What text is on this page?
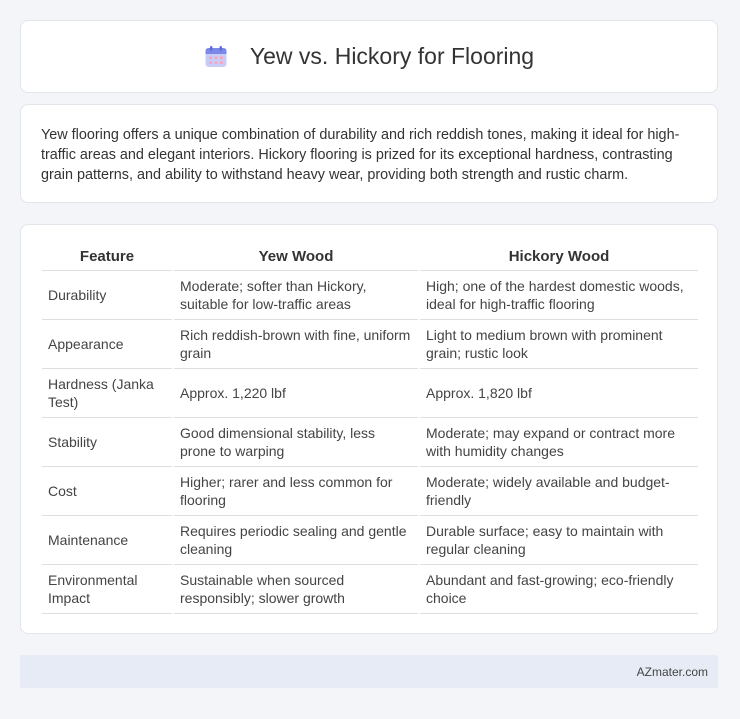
Yew vs. Hickory for Flooring

Yew flooring offers a unique combination of durability and rich reddish tones, making it ideal for high-traffic areas and elegant interiors. Hickory flooring is prized for its exceptional hardness, contrasting grain patterns, and ability to withstand heavy wear, providing both strength and rustic charm.

Feature	Yew Wood	Hickory Wood
Durability	Moderate; softer than Hickory, suitable for low-traffic areas	High; one of the hardest domestic woods, ideal for high-traffic flooring
Appearance	Rich reddish-brown with fine, uniform grain	Light to medium brown with prominent grain; rustic look
Hardness (Janka Test)	Approx. 1,220 lbf	Approx. 1,820 lbf
Stability	Good dimensional stability, less prone to warping	Moderate; may expand or contract more with humidity changes
Cost	Higher; rarer and less common for flooring	Moderate; widely available and budget-friendly
Maintenance	Requires periodic sealing and gentle cleaning	Durable surface; easy to maintain with regular cleaning
Environmental Impact	Sustainable when sourced responsibly; slower growth	Abundant and fast-growing; eco-friendly choice
AZmater.com
